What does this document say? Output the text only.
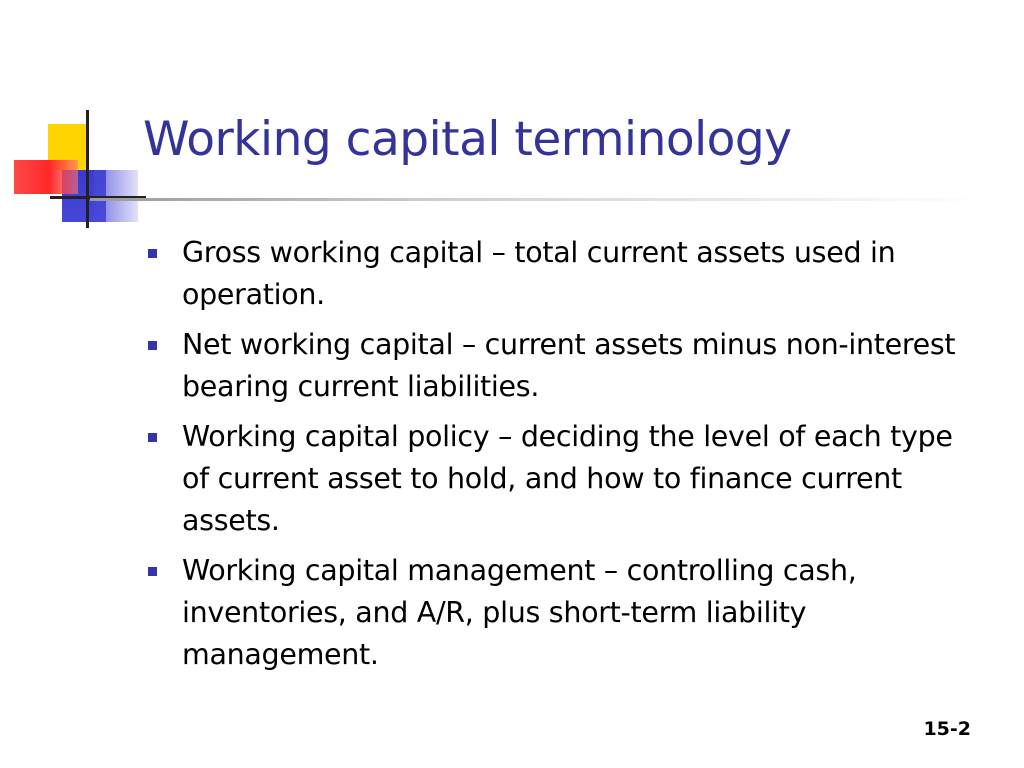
Working capital terminology
Gross working capital – total current assets used in operation.
Net working capital – current assets minus non-interest bearing current liabilities.
Working capital policy – deciding the level of each type of current asset to hold, and how to finance current assets.
Working capital management – controlling cash, inventories, and A/R, plus short-term liability management.
15-2
